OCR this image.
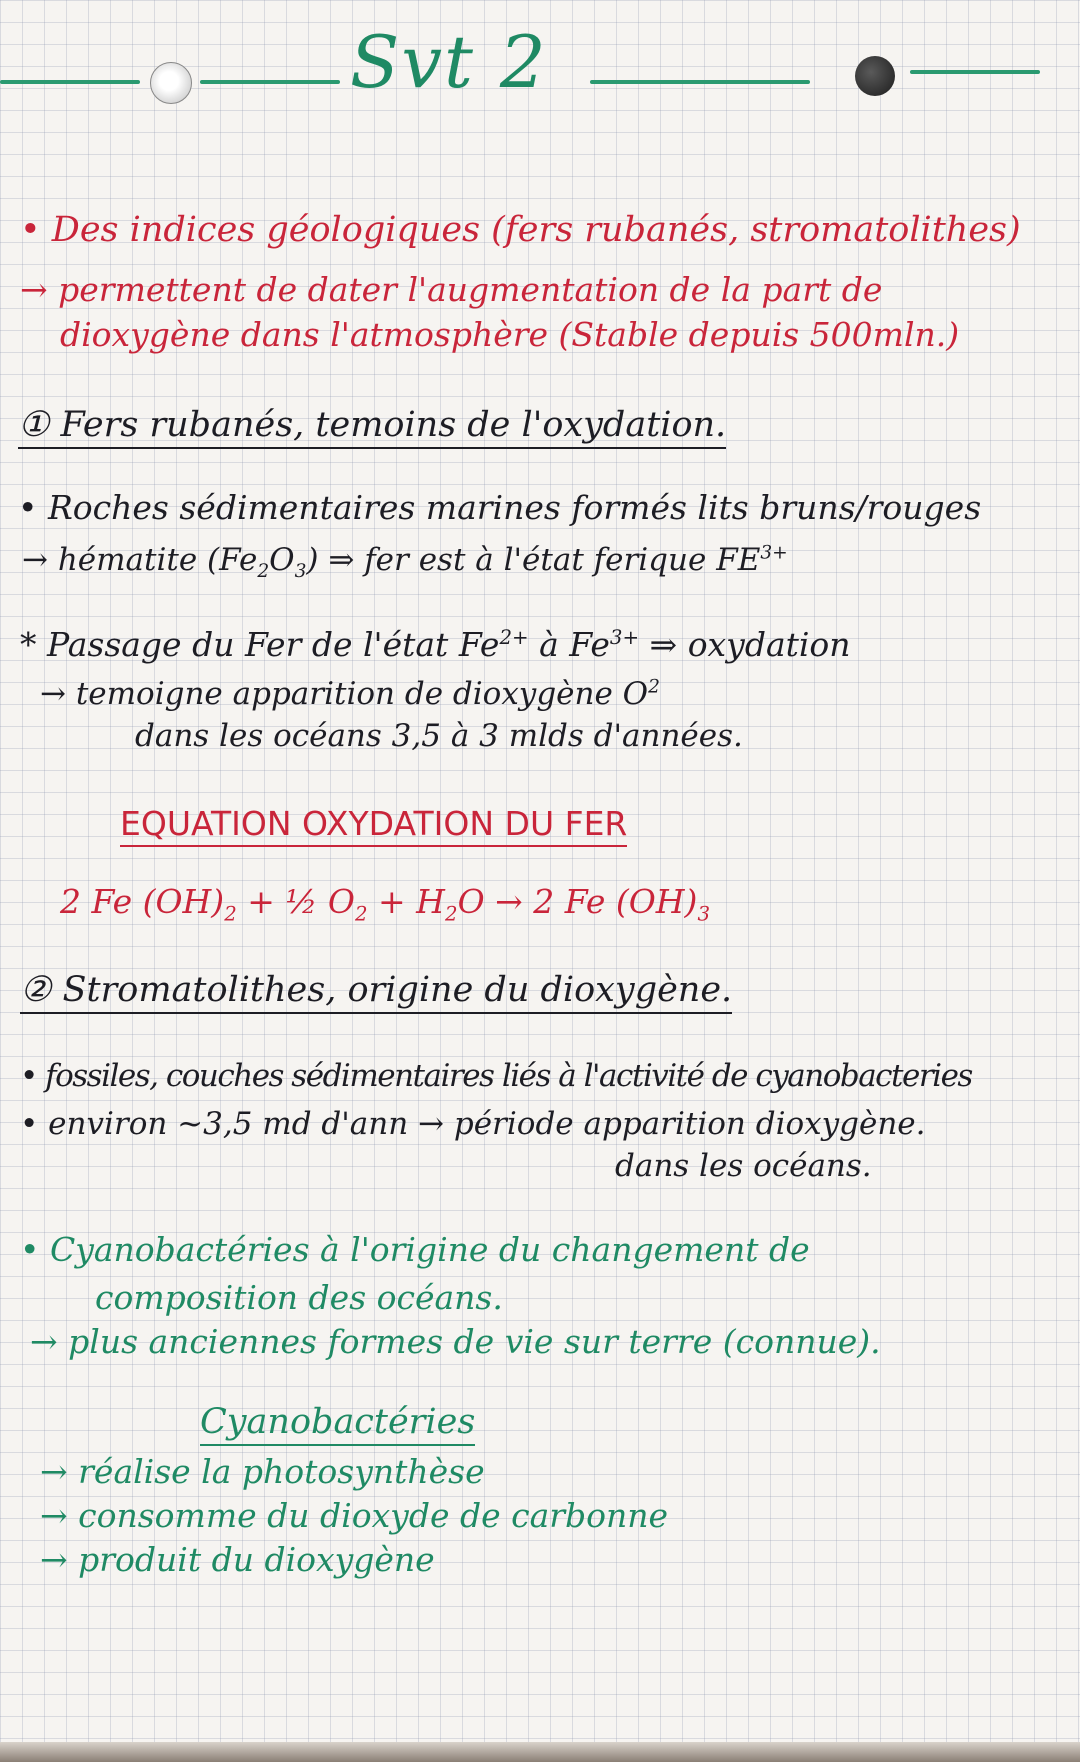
Svt 2
• Des indices géologiques (fers rubanés, stromatolithes)
→ permettent de dater l'augmentation de la part de
dioxygène dans l'atmosphère (Stable depuis 500mln.)
① Fers rubanés, temoins de l'oxydation.
• Roches sédimentaires marines formés lits bruns/rouges
→ hématite $(Fe_2O_3)$ ⇒ fer est à l'état ferique $FE^{3+}$
* Passage du Fer de l'état $Fe^{2+}$ à $Fe^{3+}$ ⇒ oxydation
→ temoigne apparition de dioxygène $O^2$
dans les océans 3,5 à 3 mlds d'années.
EQUATION OXYDATION DU FER
2 Fe $(OH)_2$ + ½ $O_2 + H_2O \to 2$ Fe $(OH)_3$
② Stromatolithes, origine du dioxygène.
• fossiles, couches sédimentaires liés à l'activité de cyanobacteries
• environ ~3,5 md d'ann → période apparition dioxygène.
dans les océans.
• Cyanobactéries à l'origine du changement de
composition des océans.
→ plus anciennes formes de vie sur terre (connue).
Cyanobactéries
→ réalise la photosynthèse
→ consomme du dioxyde de carbonne
→ produit du dioxygène
